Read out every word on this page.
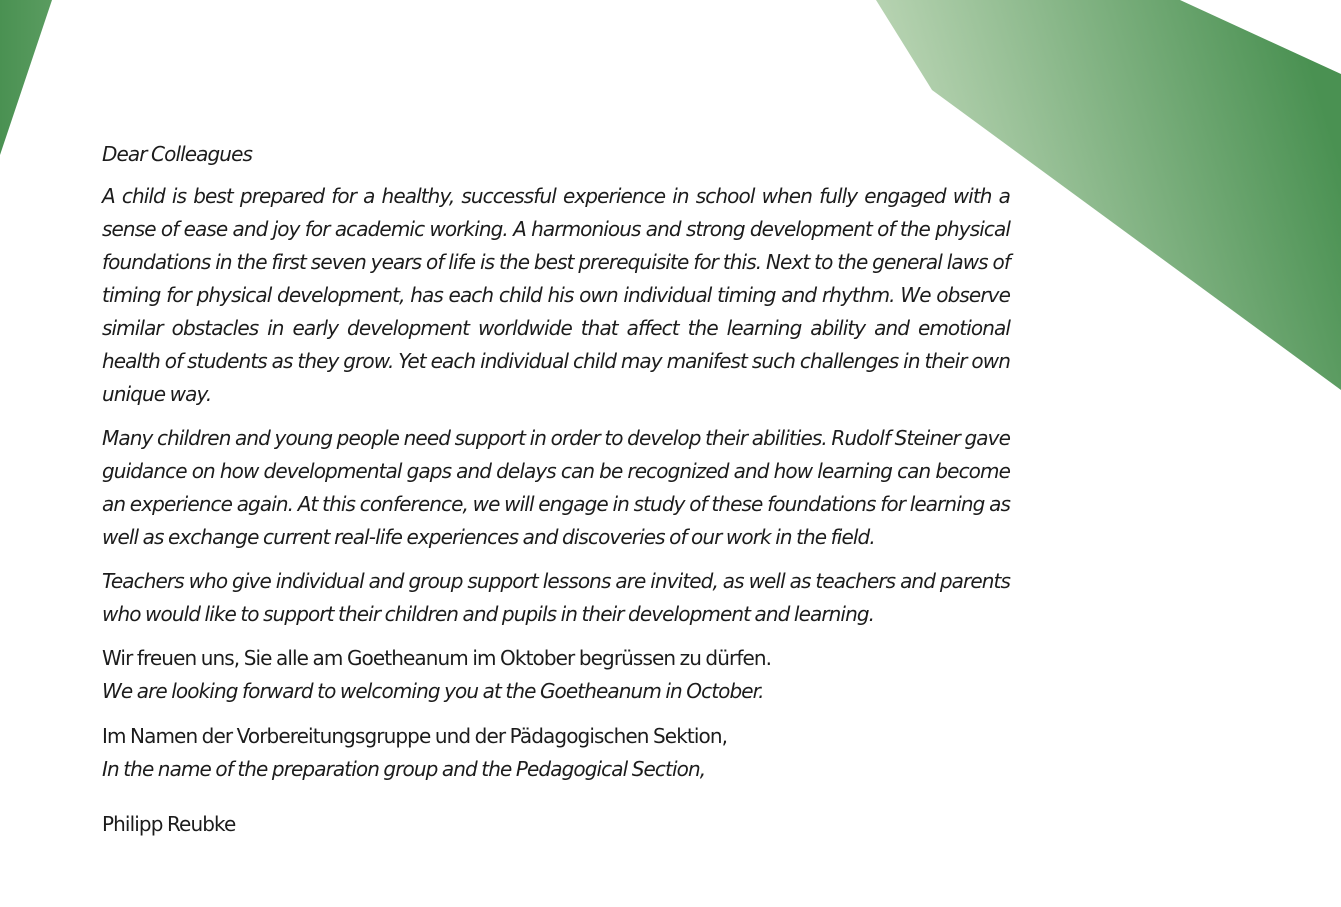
Dear Colleagues

A child is best prepared for a healthy, successful experience in school when fully engaged with a sense of ease and joy for academic working. A harmonious and strong development of the physical foundations in the first seven years of life is the best prerequisite for this. Next to the general laws of timing for physical development, has each child his own individual timing and rhythm. We observe similar obstacles in early development worldwide that affect the learning ability and emotional health of students as they grow. Yet each individual child may manifest such challenges in their own unique way.

Many children and young people need support in order to develop their abilities. Rudolf Steiner gave guidance on how developmental gaps and delays can be recognized and how learning can become an experience again. At this conference, we will engage in study of these foundations for learning as well as exchange current real-life experiences and discoveries of our work in the field.

Teachers who give individual and group support lessons are invited, as well as teachers and parents who would like to support their children and pupils in their development and learning.

Wir freuen uns, Sie alle am Goetheanum im Oktober begrüssen zu dürfen.
We are looking forward to welcoming you at the Goetheanum in October.
Im Namen der Vorbereitungsgruppe und der Pädagogischen Sektion,
In the name of the preparation group and the Pedagogical Section,
Philipp Reubke
